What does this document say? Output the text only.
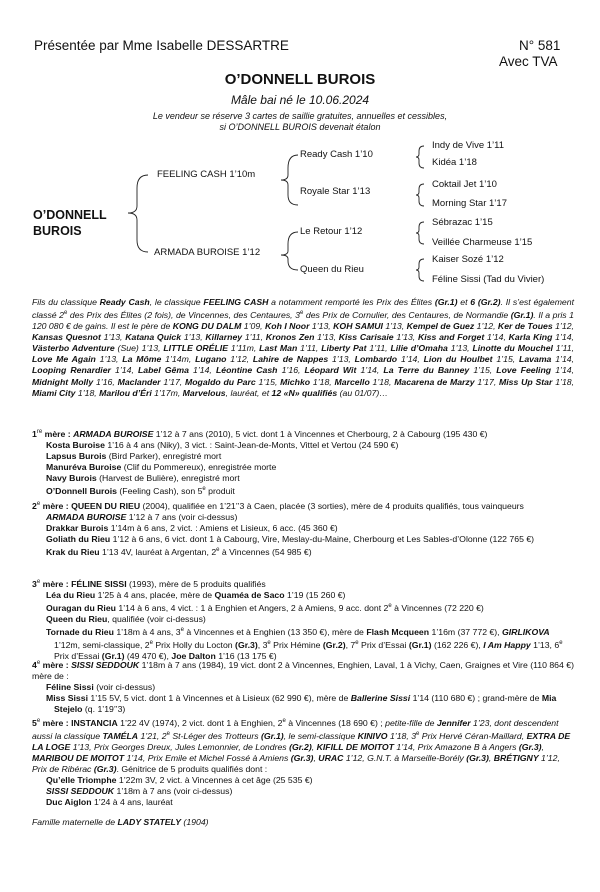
Présentée par Mme Isabelle DESSARTRE	N° 581
Avec TVA
O’DONNELL BUROIS
Mâle bai né le 10.06.2024
Le vendeur se réserve 3 cartes de saillie gratuites, annuelles et cessibles,
si O’DONNELL BUROIS devenait étalon
O’DONNELL
BUROIS
FEELING CASH 1’10m
ARMADA BUROISE 1’12
Ready Cash 1’10
Royale Star 1’13
Le Retour 1’12
Queen du Rieu
Indy de Vive 1’11
Kidéa 1’18
Coktail Jet 1’10
Morning Star 1’17
Sébrazac 1’15
Veillée Charmeuse 1’15
Kaiser Sozé 1’12
Féline Sissi (Tad du Vivier)
Fils du classique Ready Cash, le classique FEELING CASH a notamment remporté les Prix des Élites (Gr.1) et 6 (Gr.2). Il s’est également classé 2e des Prix des Élites (2 fois), de Vincennes, des Centaures, 3e des Prix de Cornulier, des Centaures, de Normandie (Gr.1). Il a pris 1 120 080 € de gains. Il est le père de KONG DU DALM 1’09, Koh I Noor 1’13, KOH SAMUI 1’13, Kempel de Guez 1’12, Ker de Toues 1’12, Kansas Quesnot 1’13, Katana Quick 1’13, Killarney 1’11, Kronos Zen 1’13, Kiss Carisaie 1’13, Kiss and Forget 1’14, Karla King 1’14, Västerbo Adventure (Sue) 1’13, LITTLE ORÉLIE 1’11m, Last Man 1’11, Liberty Pat 1’11, Lilie d’Omaha 1’13, Linotte du Mouchel 1’11, Love Me Again 1’13, La Môme 1’14m, Lugano 1’12, Lahire de Nappes 1’13, Lombardo 1’14, Lion du Houlbet 1’15, Lavama 1’14, Looping Renardier 1’14, Label Gêma 1’14, Léontine Cash 1’16, Léopard Wit 1’14, La Terre du Banney 1’15, Love Feeling 1’14, Midnight Molly 1’16, Maclander 1’17, Mogaldo du Parc 1’15, Michko 1’18, Marcello 1’18, Macarena de Marzy 1’17, Miss Up Star 1’18, Miami City 1’18, Marilou d’Éri 1’17m, Marvelous, lauréat, et 12 «N» qualifiés (au 01/07)…

1re mère : ARMADA BUROISE 1’12 à 7 ans (2010), 5 vict. dont 1 à Vincennes et Cherbourg, 2 à Cabourg (195 430 €)

Kosta Buroise 1’16 à 4 ans (Niky), 3 vict. : Saint-Jean-de-Monts, Vittel et Vertou (24 590 €)

Lapsus Burois (Bird Parker), enregistré mort

Manuréva Buroise (Clif du Pommereux), enregistrée morte

Navy Burois (Harvest de Bulière), enregistré mort

O’Donnell Burois (Feeling Cash), son 5e produit

2e mère : QUEEN DU RIEU (2004), qualifiée en 1’21’’3 à Caen, placée (3 sorties), mère de 4 produits qualifiés, tous vainqueurs

ARMADA BUROISE 1’12 à 7 ans (voir ci-dessus)

Drakkar Burois 1’14m à 6 ans, 2 vict. : Amiens et Lisieux, 6 acc. (45 360 €)

Goliath du Rieu 1’12 à 6 ans, 6 vict. dont 1 à Cabourg, Vire, Meslay-du-Maine, Cherbourg et Les Sables-d’Olonne (122 765 €)

Krak du Rieu 1’13 4V, lauréat à Argentan, 2e à Vincennes (54 985 €)

3e mère : FÉLINE SISSI (1993), mère de 5 produits qualifiés

Léa du Rieu 1’25 à 4 ans, placée, mère de Quaméa de Saco 1’19 (15 260 €)

Ouragan du Rieu 1’14 à 6 ans, 4 vict. : 1 à Enghien et Angers, 2 à Amiens, 9 acc. dont 2e à Vincennes (72 220 €)

Queen du Rieu, qualifiée (voir ci-dessus)

Tornade du Rieu 1’18m à 4 ans, 3e à Vincennes et à Enghien (13 350 €), mère de Flash Mcqueen 1’16m (37 772 €), GIRLIKOVA 1’12m, semi-classique, 2e Prix Holly du Locton (Gr.3), 3e Prix Hémine (Gr.2), 7e Prix d’Essai (Gr.1) (162 226 €), I Am Happy 1’13, 6e Prix d’Essai (Gr.1) (49 470 €), Joe Dalton 1’16 (13 175 €)

4e mère : SISSI SEDDOUK 1’18m à 7 ans (1984), 19 vict. dont 2 à Vincennes, Enghien, Laval, 1 à Vichy, Caen, Graignes et Vire (110 864 €) mère de :

Féline Sissi (voir ci-dessus)

Miss Sissi 1’15 5V, 5 vict. dont 1 à Vincennes et à Lisieux (62 990 €), mère de Ballerine Sissi 1’14 (110 680 €) ; grand-mère de Mia Stejelo (q. 1’19’’3)

5e mère : INSTANCIA 1’22 4V (1974), 2 vict. dont 1 à Enghien, 2e à Vincennes (18 690 €) ; petite-fille de Jennifer 1’23, dont descendent aussi la classique TAMÉLA 1’21, 2e St-Léger des Trotteurs (Gr.1), le semi-classique KINIVO 1’18, 3e Prix Hervé Céran-Maillard, EXTRA DE LA LOGE 1’13, Prix Georges Dreux, Jules Lemonnier, de Londres (Gr.2), KIFILL DE MOITOT 1’14, Prix Amazone B à Angers (Gr.3), MARIBOU DE MOITOT 1’14, Prix Emile et Michel Fossé à Amiens (Gr.3), URAC 1’12, G.N.T. à Marseille-Borély (Gr.3), BRÉTIGNY 1’12, Prix de Ribérac (Gr.3). Génitrice de 5 produits qualifiés dont :

Qu’elle Triomphe 1’22m 3V, 2 vict. à Vincennes à cet âge (25 535 €)

SISSI SEDDOUK 1’18m à 7 ans (voir ci-dessus)

Duc Aiglon 1’24 à 4 ans, lauréat

Famille maternelle de LADY STATELY (1904)
